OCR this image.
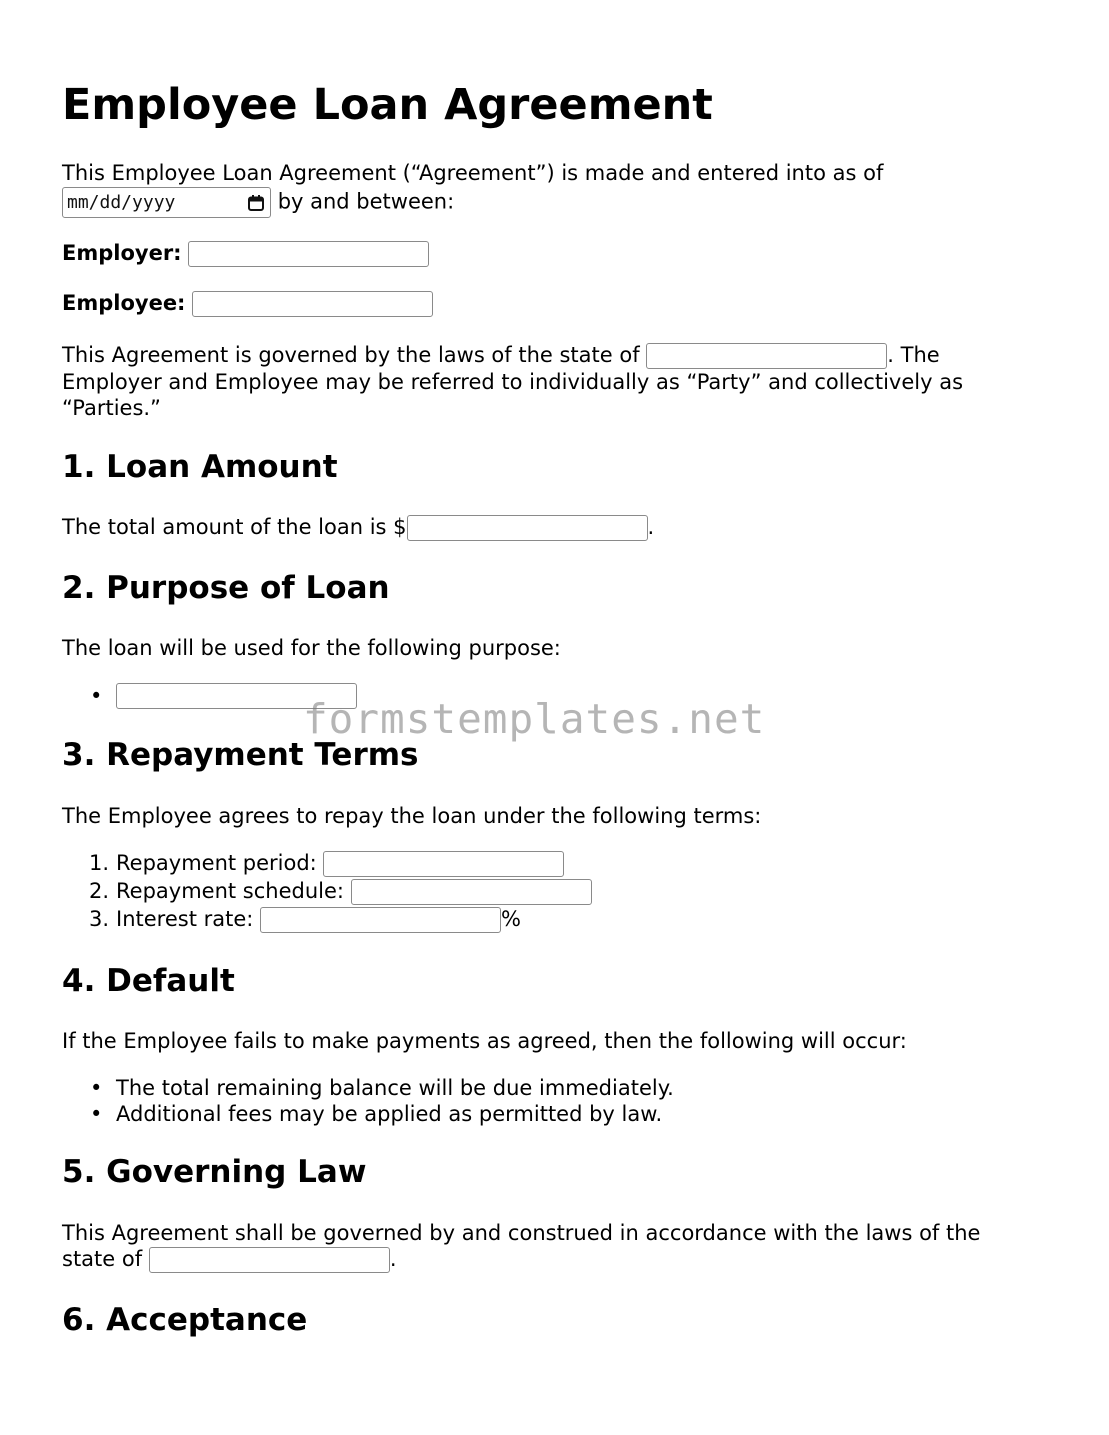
Employee Loan Agreement

This Employee Loan Agreement (“Agreement”) is made and entered into as of

mm/dd/yyyy	by and between:

Employer:

Employee:

This Agreement is governed by the laws of the state of	. The Employer and Employee may be referred to individually as “Party” and collectively as “Parties.”

1. Loan Amount

The total amount of the loan is $	.

2. Purpose of Loan

The loan will be used for the following purpose:

•
3. Repayment Terms

The Employee agrees to repay the loan under the following terms:

1. Repayment period:
2. Repayment schedule:
3. Interest rate:	%
4. Default

If the Employee fails to make payments as agreed, then the following will occur:

• The total remaining balance will be due immediately.
• Additional fees may be applied as permitted by law.
5. Governing Law

This Agreement shall be governed by and construed in accordance with the laws of the state of	.

6. Acceptance
formstemplates.net
